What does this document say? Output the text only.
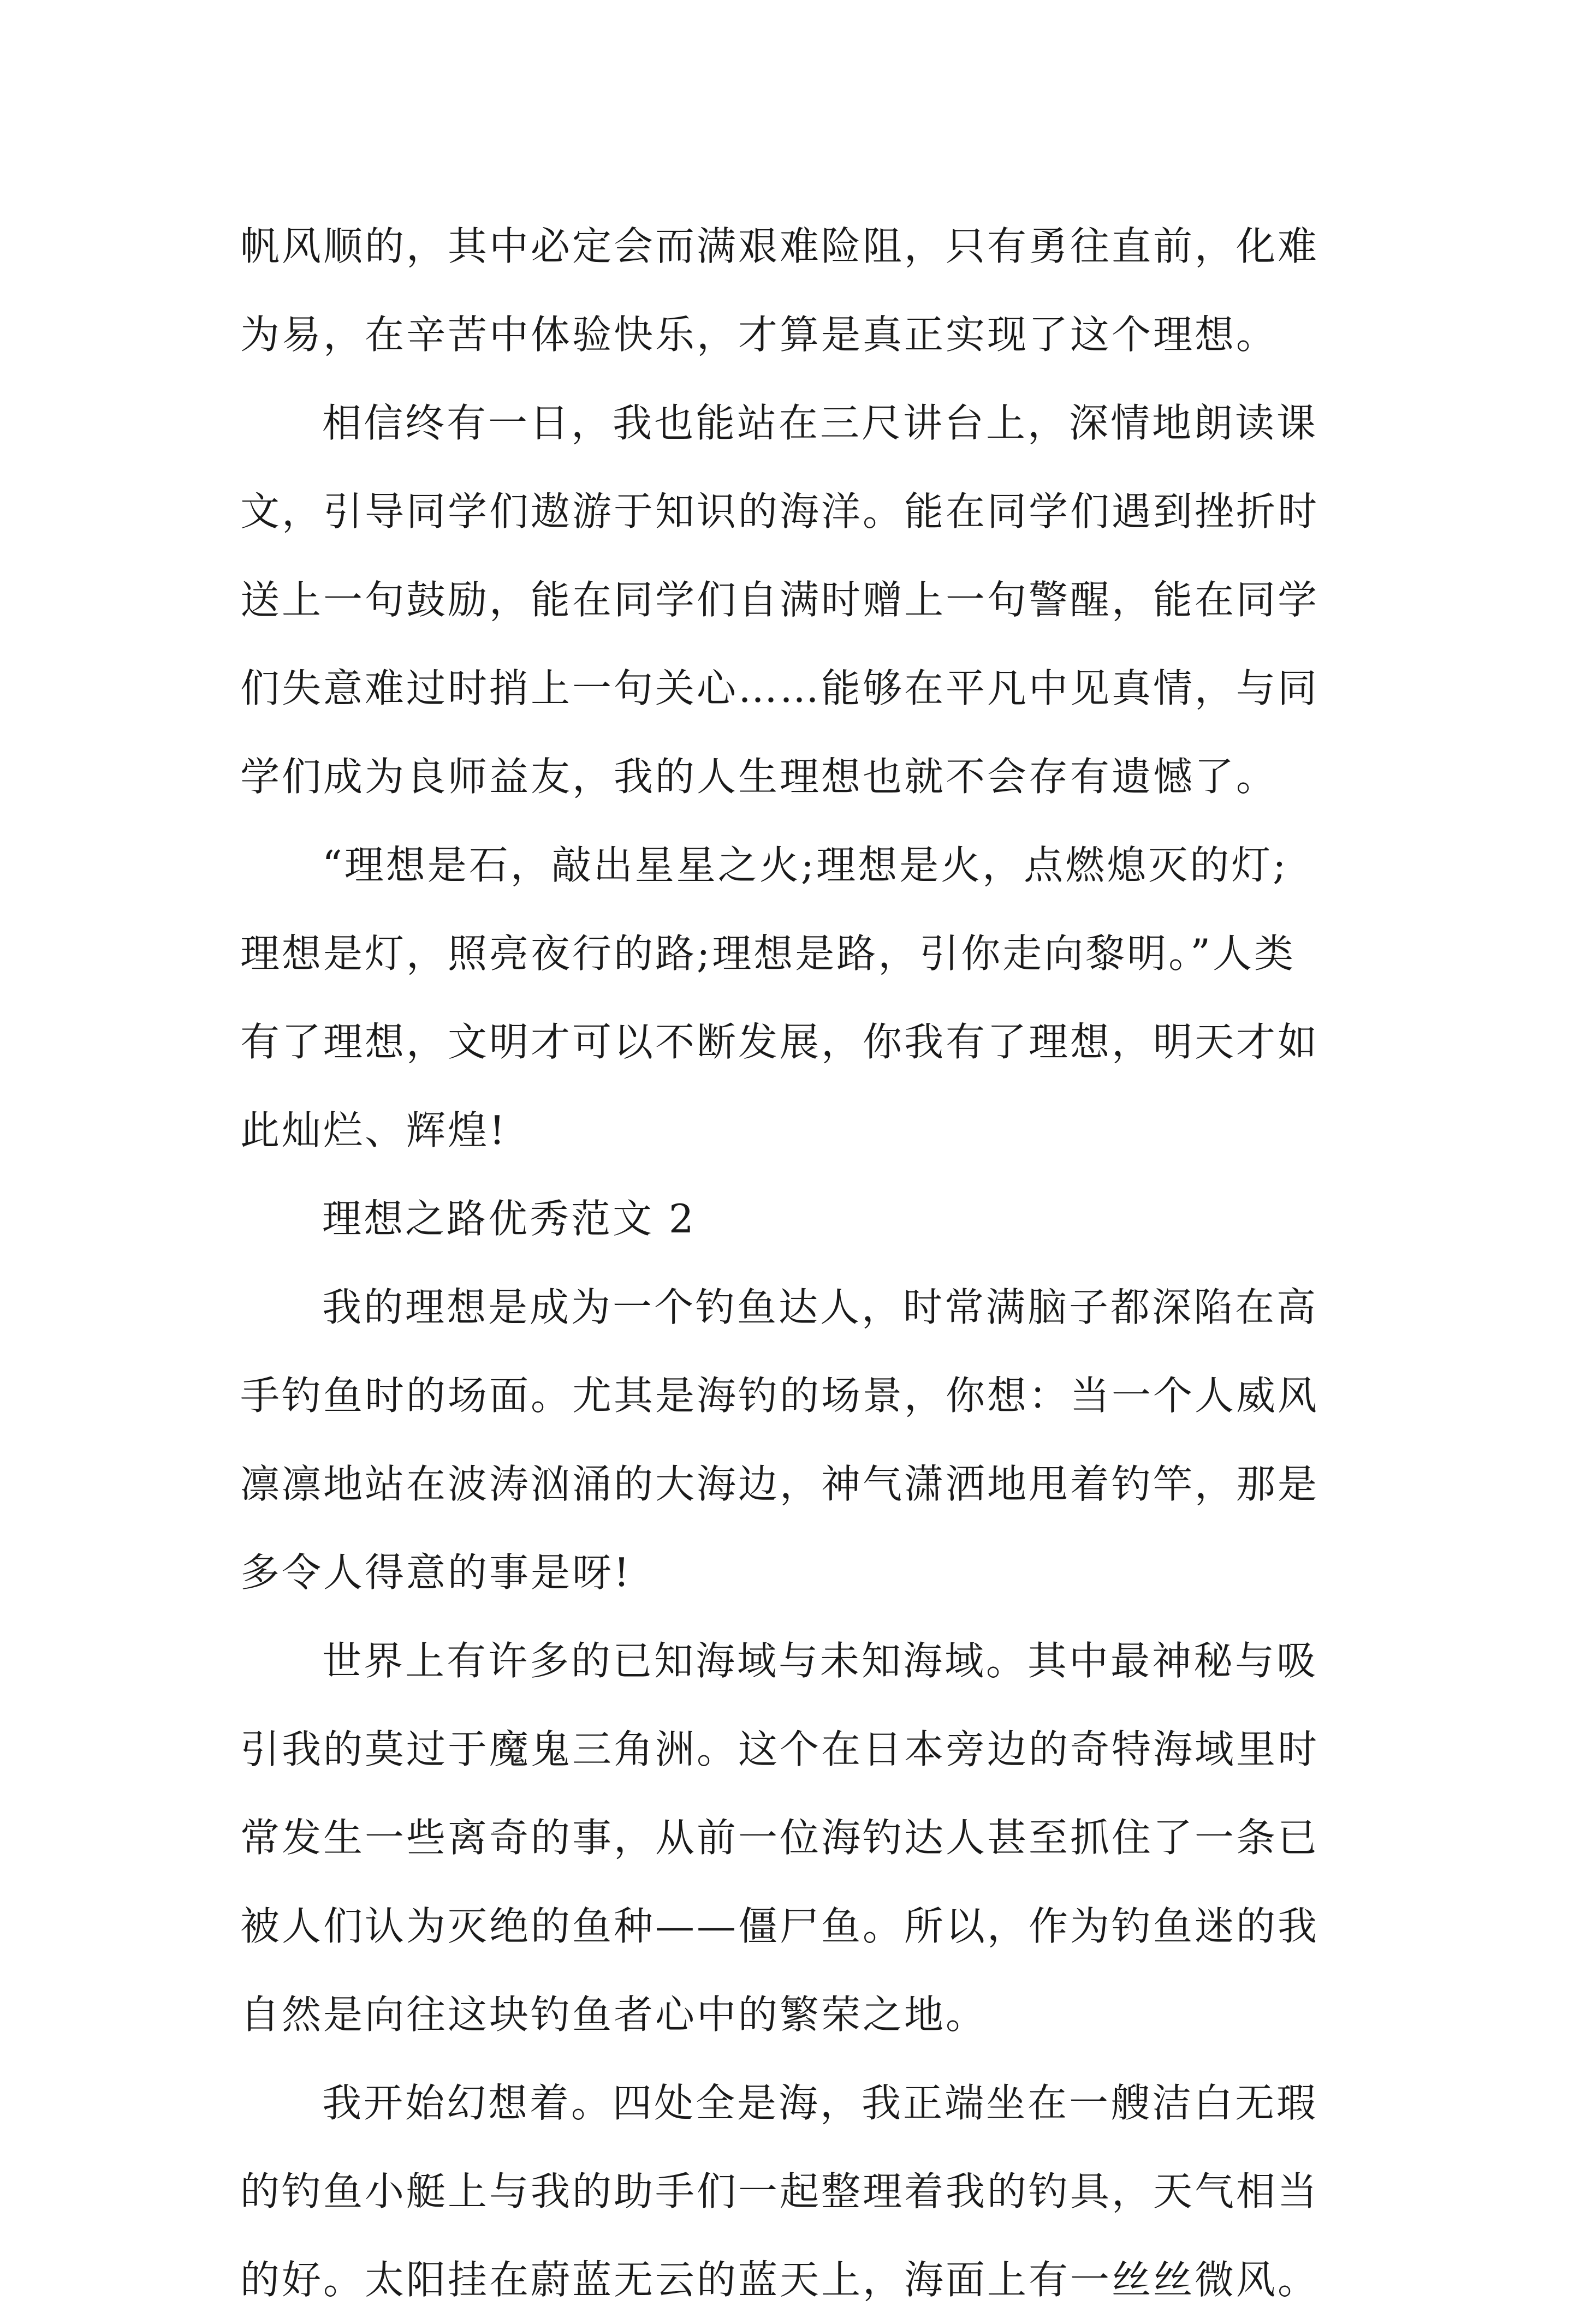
帆风顺的，其中必定会而满艰难险阻，只有勇往直前，化难
为易，在辛苦中体验快乐，才算是真正实现了这个理想。
相信终有一日，我也能站在三尺讲台上，深情地朗读课
文，引导同学们遨游于知识的海洋。能在同学们遇到挫折时
送上一句鼓励，能在同学们自满时赠上一句警醒，能在同学
们失意难过时捎上一句关心……能够在平凡中见真情，与同
学们成为良师益友，我的人生理想也就不会存有遗憾了。
“理想是石，敲出星星之火;理想是火，点燃熄灭的灯;
理想是灯，照亮夜行的路;理想是路，引你走向黎明。”人类
有了理想，文明才可以不断发展，你我有了理想，明天才如
此灿烂、辉煌!
理想之路优秀范文 2
我的理想是成为一个钓鱼达人，时常满脑子都深陷在高
手钓鱼时的场面。尤其是海钓的场景，你想：当一个人威风
凛凛地站在波涛汹涌的大海边，神气潇洒地甩着钓竿，那是
多令人得意的事是呀!
世界上有许多的已知海域与未知海域。其中最神秘与吸
引我的莫过于魔鬼三角洲。这个在日本旁边的奇特海域里时
常发生一些离奇的事，从前一位海钓达人甚至抓住了一条已
被人们认为灭绝的鱼种——僵尸鱼。所以，作为钓鱼迷的我
自然是向往这块钓鱼者心中的繁荣之地。
我开始幻想着。四处全是海，我正端坐在一艘洁白无瑕
的钓鱼小艇上与我的助手们一起整理着我的钓具，天气相当
的好。太阳挂在蔚蓝无云的蓝天上，海面上有一丝丝微风。
